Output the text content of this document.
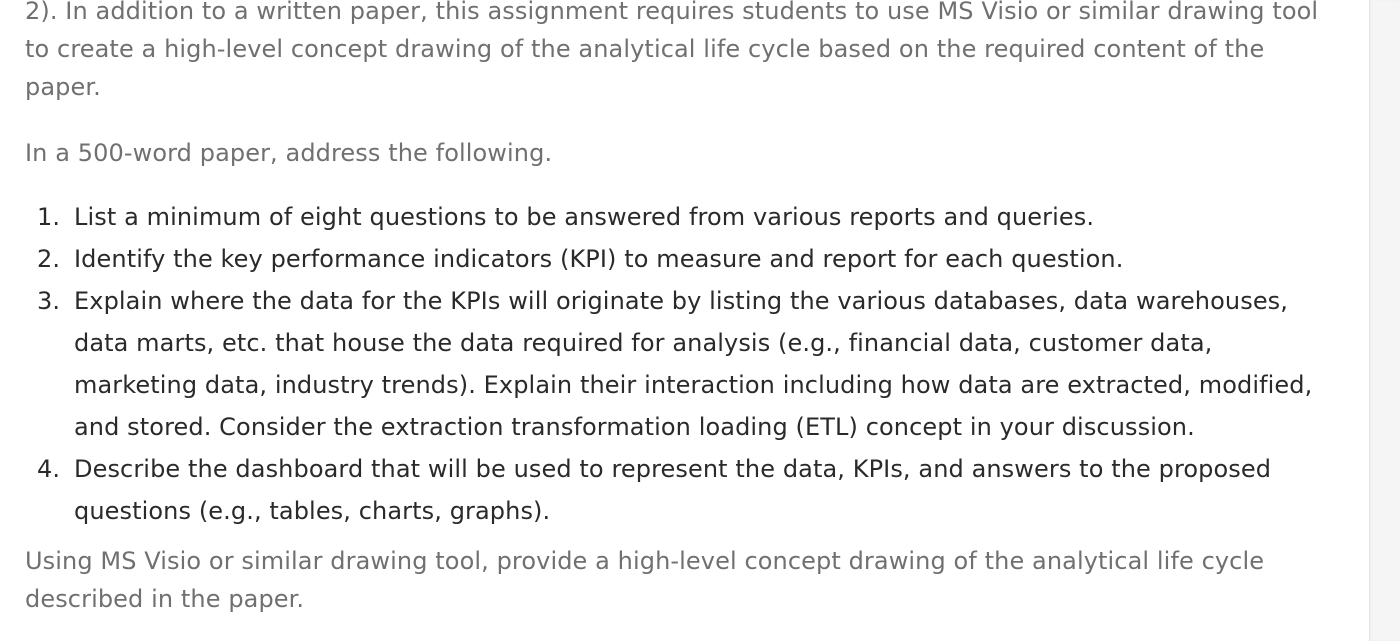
2). In addition to a written paper, this assignment requires students to use MS Visio or similar drawing tool to create a high-level concept drawing of the analytical life cycle based on the required content of the paper.

In a 500-word paper, address the following.

1. List a minimum of eight questions to be answered from various reports and queries.
2. Identify the key performance indicators (KPI) to measure and report for each question.
3. Explain where the data for the KPIs will originate by listing the various databases, data warehouses, data marts, etc. that house the data required for analysis (e.g., financial data, customer data, marketing data, industry trends). Explain their interaction including how data are extracted, modified, and stored. Consider the extraction transformation loading (ETL) concept in your discussion.
4. Describe the dashboard that will be used to represent the data, KPIs, and answers to the proposed questions (e.g., tables, charts, graphs).

Using MS Visio or similar drawing tool, provide a high-level concept drawing of the analytical life cycle described in the paper.
